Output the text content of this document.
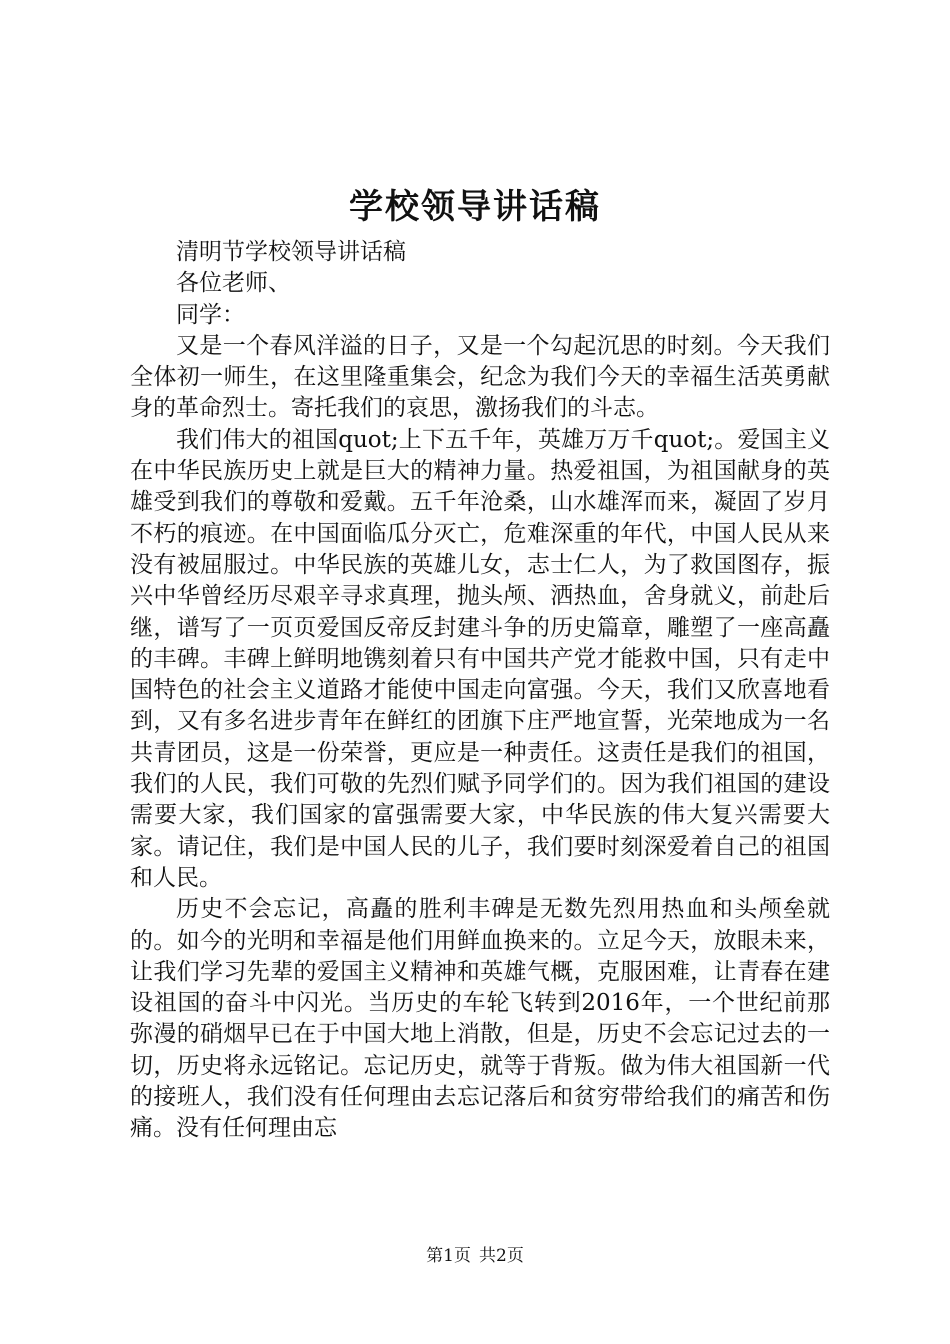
学校领导讲话稿

清明节学校领导讲话稿

各位老师、

同学：

又是一个春风洋溢的日子，又是一个勾起沉思的时刻。今天我们全体初一师生，在这里隆重集会，纪念为我们今天的幸福生活英勇献身的革命烈士。寄托我们的哀思，激扬我们的斗志。

我们伟大的祖国quot;上下五千年，英雄万万千quot;。爱国主义在中华民族历史上就是巨大的精神力量。热爱祖国，为祖国献身的英雄受到我们的尊敬和爱戴。五千年沧桑，山水雄浑而来，凝固了岁月不朽的痕迹。在中国面临瓜分灭亡，危难深重的年代，中国人民从来没有被屈服过。中华民族的英雄儿女，志士仁人，为了救国图存，振兴中华曾经历尽艰辛寻求真理，抛头颅、洒热血，舍身就义，前赴后继，谱写了一页页爱国反帝反封建斗争的历史篇章，雕塑了一座高矗的丰碑。丰碑上鲜明地镌刻着只有中国共产党才能救中国，只有走中国特色的社会主义道路才能使中国走向富强。今天，我们又欣喜地看到，又有多名进步青年在鲜红的团旗下庄严地宣誓，光荣地成为一名共青团员，这是一份荣誉，更应是一种责任。这责任是我们的祖国，我们的人民，我们可敬的先烈们赋予同学们的。因为我们祖国的建设需要大家，我们国家的富强需要大家，中华民族的伟大复兴需要大家。请记住，我们是中国人民的儿子，我们要时刻深爱着自己的祖国和人民。

历史不会忘记，高矗的胜利丰碑是无数先烈用热血和头颅垒就的。如今的光明和幸福是他们用鲜血换来的。立足今天，放眼未来，让我们学习先辈的爱国主义精神和英雄气概，克服困难，让青春在建设祖国的奋斗中闪光。当历史的车轮飞转到2016年，一个世纪前那弥漫的硝烟早已在于中国大地上消散，但是，历史不会忘记过去的一切，历史将永远铭记。忘记历史，就等于背叛。做为伟大祖国新一代的接班人，我们没有任何理由去忘记落后和贫穷带给我们的痛苦和伤痛。没有任何理由忘

第1页 共2页
